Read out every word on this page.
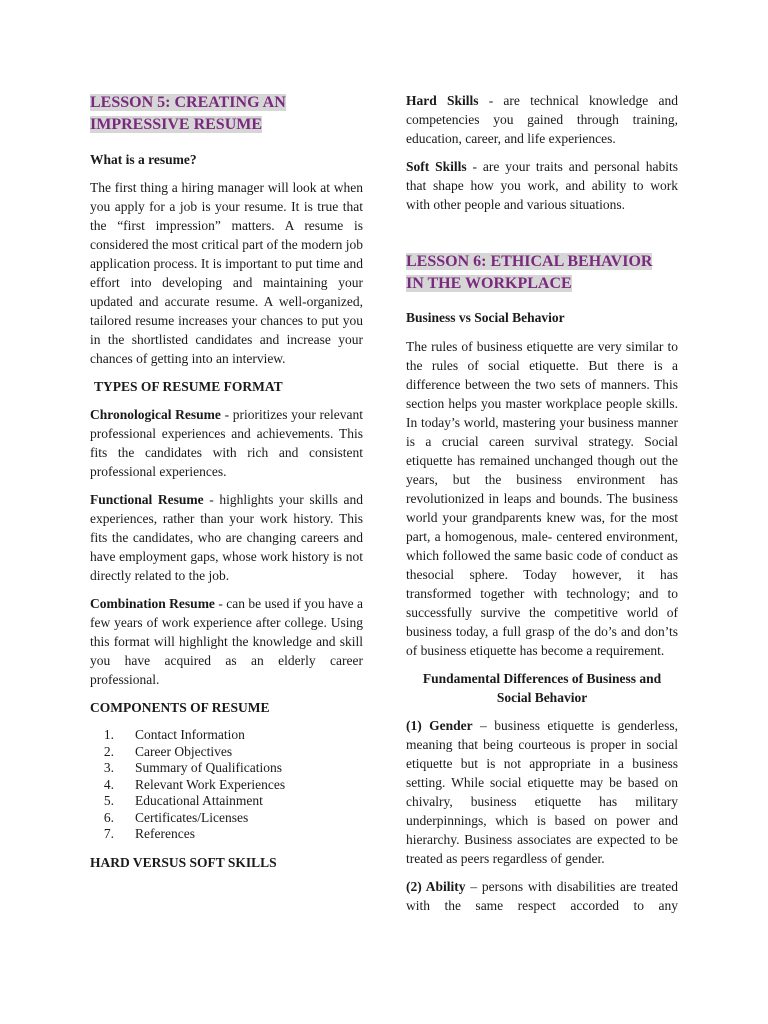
LESSON 5: CREATING AN
IMPRESSIVE RESUME

What is a resume?

The first thing a hiring manager will look at when you apply for a job is your resume. It is true that the “first impression” matters. A resume is considered the most critical part of the modern job application process. It is important to put time and effort into developing and maintaining your updated and accurate resume. A well-organized, tailored resume increases your chances to put you in the shortlisted candidates and increase your chances of getting into an interview.

TYPES OF RESUME FORMAT

Chronological Resume - prioritizes your relevant professional experiences and achievements. This fits the candidates with rich and consistent professional experiences.

Functional Resume - highlights your skills and experiences, rather than your work history. This fits the candidates, who are changing careers and have employment gaps, whose work history is not directly related to the job.

Combination Resume - can be used if you have a few years of work experience after college. Using this format will highlight the knowledge and skill you have acquired as an elderly career professional.

COMPONENTS OF RESUME

1.	Contact Information
2.	Career Objectives
3.	Summary of Qualifications
4.	Relevant Work Experiences
5.	Educational Attainment
6.	Certificates/Licenses
7.	References

HARD VERSUS SOFT SKILLS

Hard Skills - are technical knowledge and competencies you gained through training, education, career, and life experiences.

Soft Skills - are your traits and personal habits that shape how you work, and ability to work with other people and various situations.

LESSON 6: ETHICAL BEHAVIOR
IN THE WORKPLACE

Business vs Social Behavior

The rules of business etiquette are very similar to the rules of social etiquette. But there is a difference between the two sets of manners. This section helps you master workplace people skills. In today’s world, mastering your business manner is a crucial careen survival strategy. Social etiquette has remained unchanged though out the years, but the business environment has revolutionized in leaps and bounds. The business world your grandparents knew was, for the most part, a homogenous, male- centered environment, which followed the same basic code of conduct as thesocial sphere. Today however, it has transformed together with technology; and to successfully survive the competitive world of business today, a full grasp of the do’s and don’ts of business etiquette has become a requirement.

Fundamental Differences of Business and

Social Behavior

(1) Gender – business etiquette is genderless, meaning that being courteous is proper in social etiquette but is not appropriate in a business setting. While social etiquette may be based on chivalry, business etiquette has military underpinnings, which is based on power and hierarchy. Business associates are expected to be treated as peers regardless of gender.

(2) Ability – persons with disabilities are treated with the same respect accorded to any
